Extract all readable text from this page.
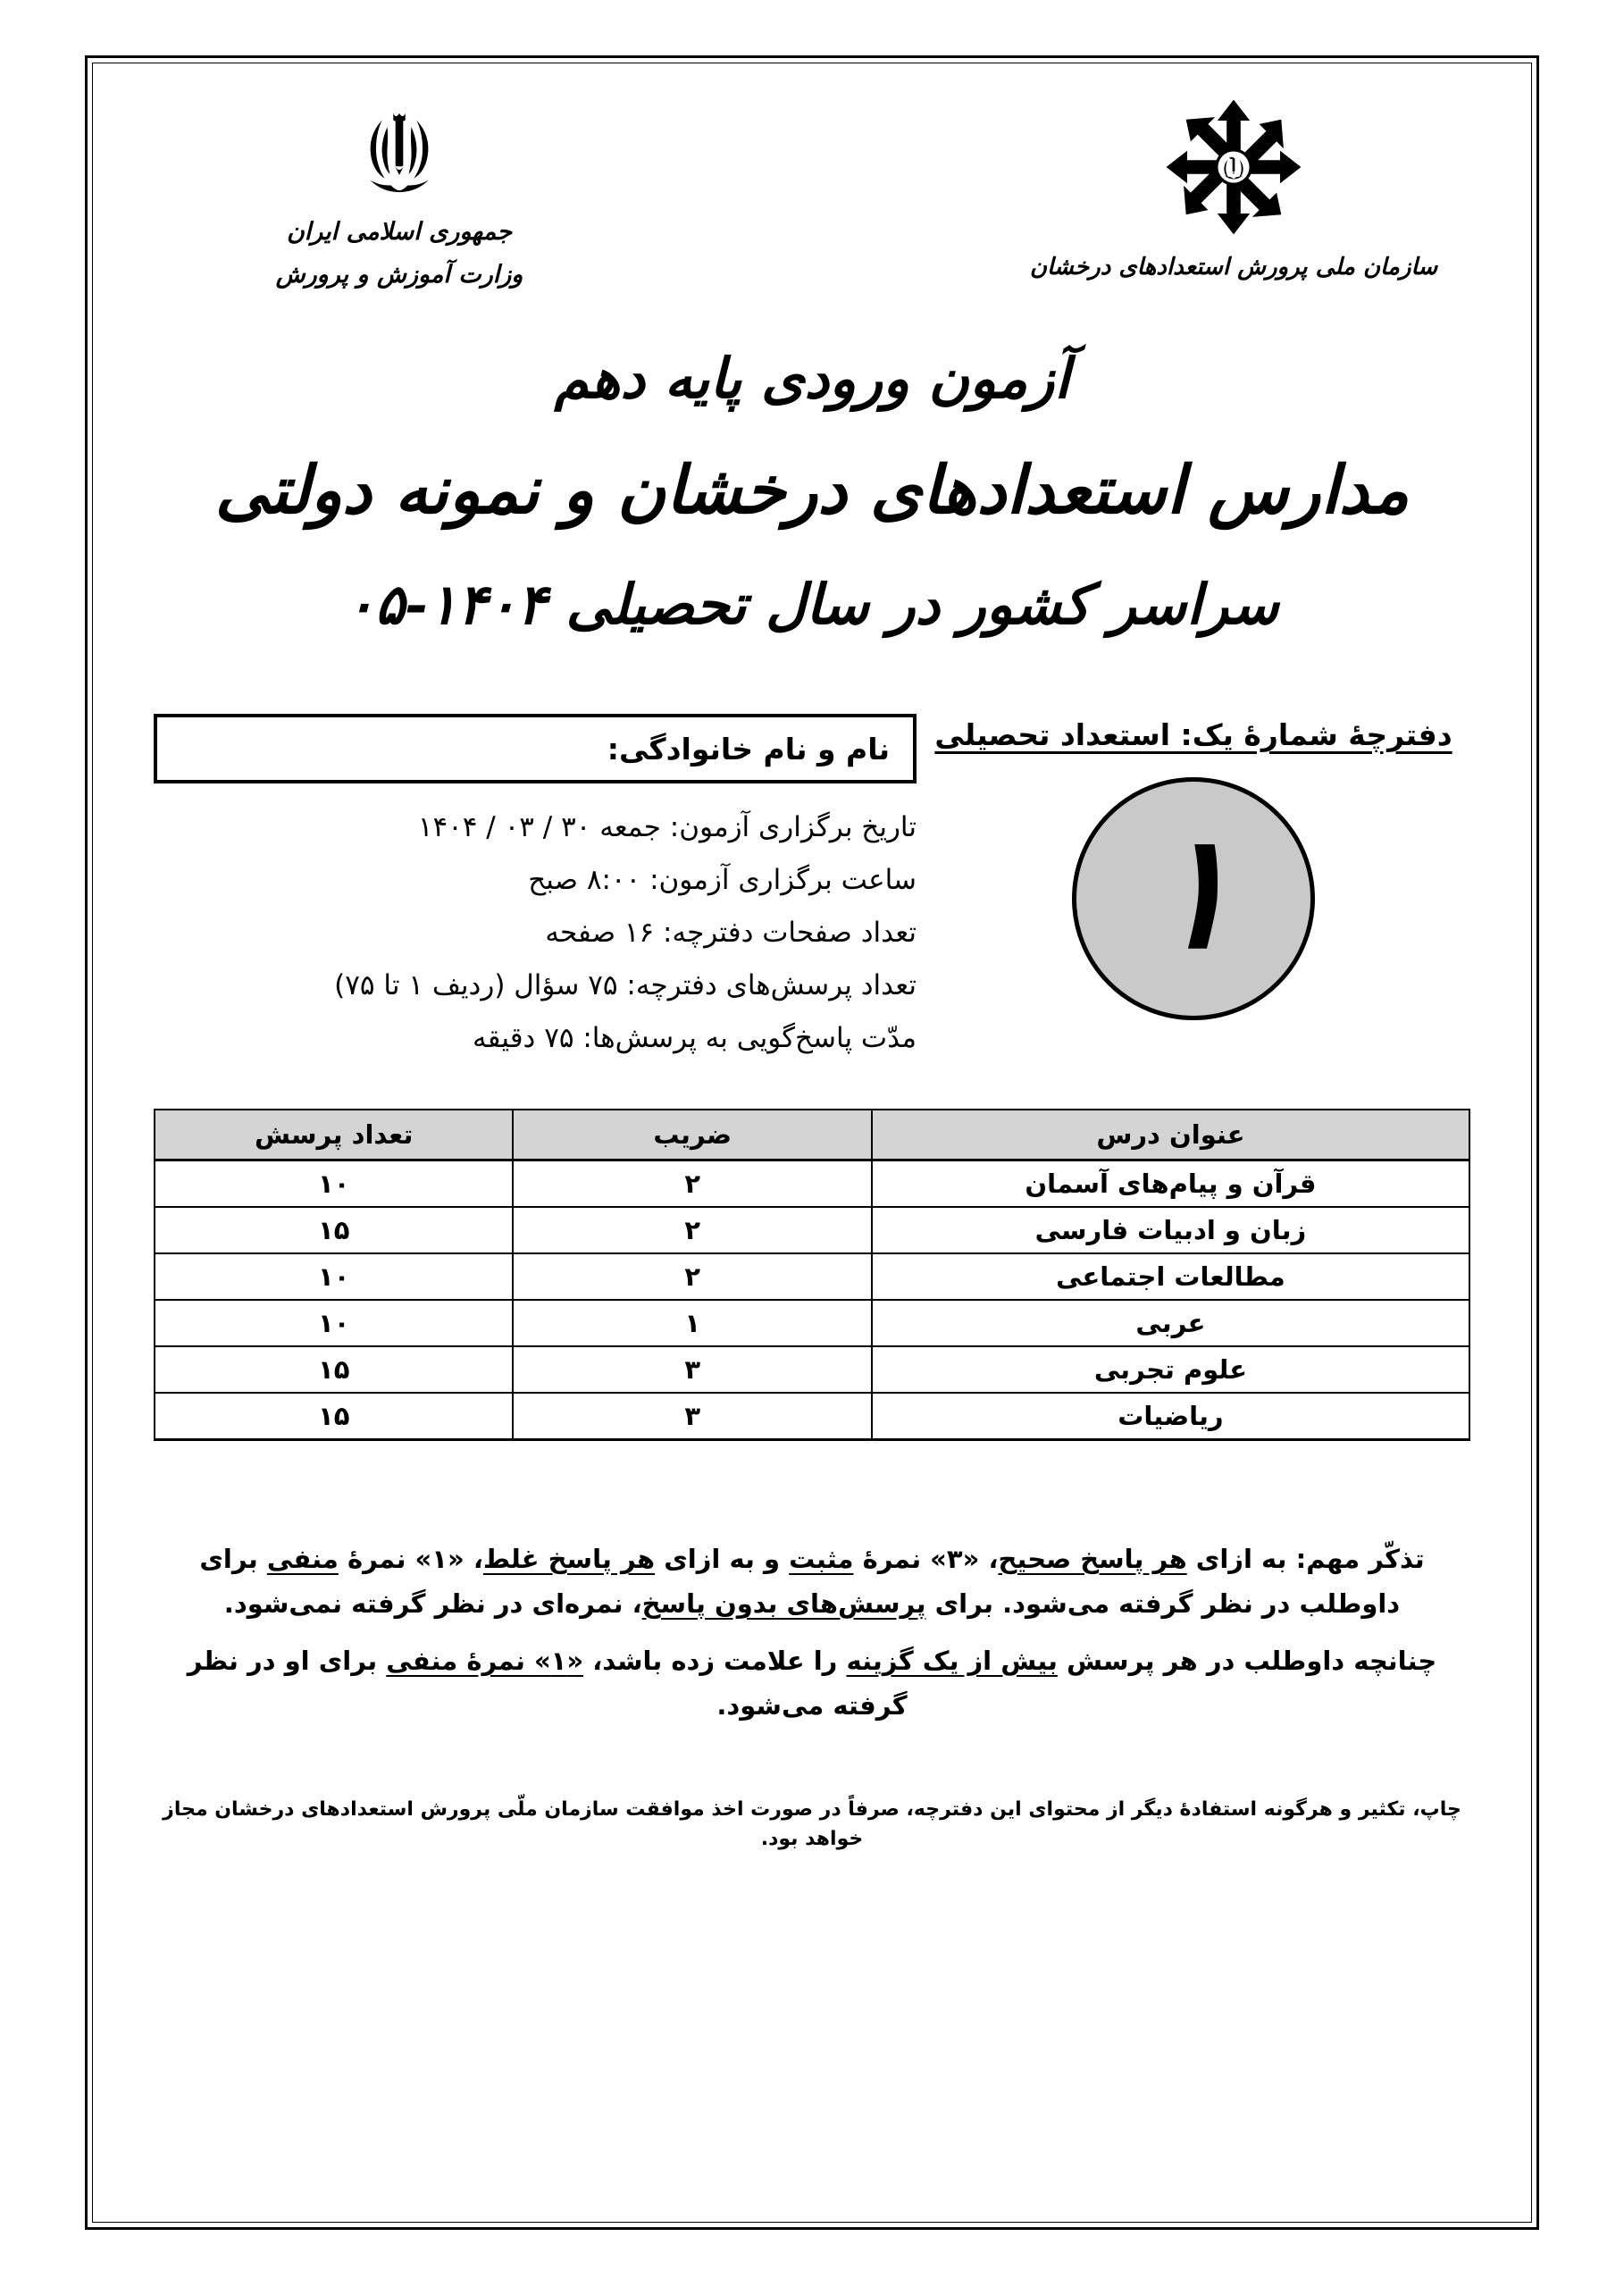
جمهوری اسلامی ایران
وزارت آموزش و پرورش	سازمان ملی پرورش استعدادهای درخشان
آزمون ورودی پایه دهم
مدارس استعدادهای درخشان و نمونه دولتی
سراسر کشور در سال تحصیلی ۱۴۰۴-۰۵
دفترچهٔ شمارهٔ یک: استعداد تحصیلی
۱
نام و نام خانوادگی:
تاریخ برگزاری آزمون: جمعه ۳۰ / ۰۳ / ۱۴۰۴
ساعت برگزاری آزمون: ۸:۰۰ صبح
تعداد صفحات دفترچه: ۱۶ صفحه
تعداد پرسش‌های دفترچه: ۷۵ سؤال (ردیف ۱ تا ۷۵)
مدّت پاسخ‌گویی به پرسش‌ها: ۷۵ دقیقه
عنوان درس	ضریب	تعداد پرسش
قرآن و پیام‌های آسمان	۲	۱۰
زبان و ادبیات فارسی	۲	۱۵
مطالعات اجتماعی	۲	۱۰
عربی	۱	۱۰
علوم تجربی	۳	۱۵
ریاضیات	۳	۱۵
تذکّر مهم: به ازای هر پاسخ صحیح، «۳» نمرۀ مثبت و به ازای هر پاسخ غلط، «۱» نمرۀ منفی برای داوطلب در نظر گرفته می‌شود. برای پرسش‌های بدون پاسخ، نمره‌ای در نظر گرفته نمی‌شود.
چنانچه داوطلب در هر پرسش بیش از یک گزینه را علامت زده باشد، «۱» نمرۀ منفی برای او در نظر گرفته می‌شود.
چاپ، تکثیر و هرگونه استفادۀ دیگر از محتوای این دفترچه، صرفاً در صورت اخذ موافقت سازمان ملّی پرورش استعدادهای درخشان مجاز خواهد بود.
